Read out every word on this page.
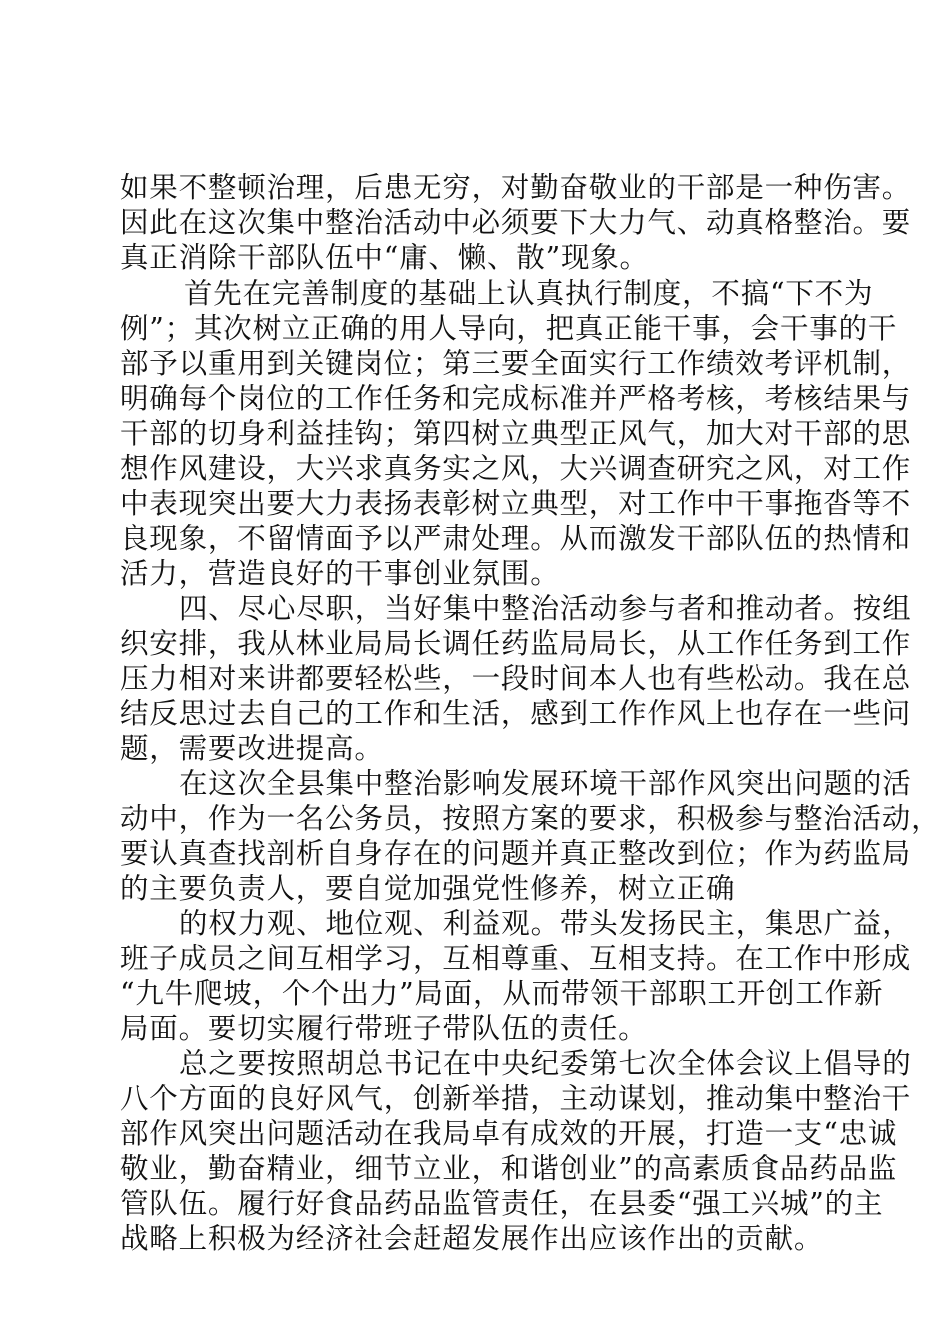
如果不整顿治理，后患无穷，对勤奋敬业的干部是一种伤害。
因此在这次集中整治活动中必须要下大力气、动真格整治。要
真正消除干部队伍中“庸、懒、散”现象。
首先在完善制度的基础上认真执行制度，不搞“下不为
例”；其次树立正确的用人导向，把真正能干事，会干事的干
部予以重用到关键岗位；第三要全面实行工作绩效考评机制，
明确每个岗位的工作任务和完成标准并严格考核，考核结果与
干部的切身利益挂钩；第四树立典型正风气，加大对干部的思
想作风建设，大兴求真务实之风，大兴调查研究之风，对工作
中表现突出要大力表扬表彰树立典型，对工作中干事拖沓等不
良现象，不留情面予以严肃处理。从而激发干部队伍的热情和
活力，营造良好的干事创业氛围。
四、尽心尽职，当好集中整治活动参与者和推动者。按组
织安排，我从林业局局长调任药监局局长，从工作任务到工作
压力相对来讲都要轻松些，一段时间本人也有些松动。我在总
结反思过去自己的工作和生活，感到工作作风上也存在一些问
题，需要改进提高。
在这次全县集中整治影响发展环境干部作风突出问题的活
动中，作为一名公务员，按照方案的要求，积极参与整治活动，
要认真查找剖析自身存在的问题并真正整改到位；作为药监局
的主要负责人，要自觉加强党性修养，树立正确
的权力观、地位观、利益观。带头发扬民主，集思广益，
班子成员之间互相学习，互相尊重、互相支持。在工作中形成
“九牛爬坡，个个出力”局面，从而带领干部职工开创工作新
局面。要切实履行带班子带队伍的责任。
总之要按照胡总书记在中央纪委第七次全体会议上倡导的
八个方面的良好风气，创新举措，主动谋划，推动集中整治干
部作风突出问题活动在我局卓有成效的开展，打造一支“忠诚
敬业，勤奋精业，细节立业，和谐创业”的高素质食品药品监
管队伍。履行好食品药品监管责任，在县委“强工兴城”的主
战略上积极为经济社会赶超发展作出应该作出的贡献。
